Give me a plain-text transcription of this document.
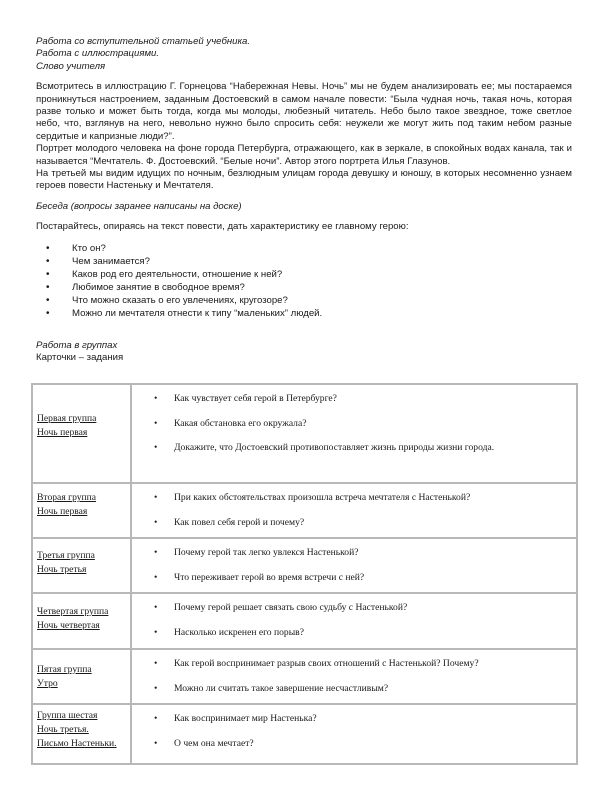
Работа со вступительной статьей учебника.
Работа с иллюстрациями.
Слово учителя

Всмотритесь в иллюстрацию Г. Горнецова “Набережная Невы. Ночь” мы не будем анализировать ее; мы постараемся проникнуться настроением, заданным Достоевский в самом начале повести: “Была чудная ночь, такая ночь, которая разве только и может быть тогда, когда мы молоды, любезный читатель. Небо было такое звездное, тоже светлое небо, что, взглянув на него, невольно нужно было спросить себя: неужели же могут жить под таким небом разные сердитые и капризные люди?”.

Портрет молодого человека на фоне города Петербурга, отражающего, как в зеркале, в спокойных водах канала, так и называется “Мечтатель. Ф. Достоевский. “Белые ночи”. Автор этого портрета Илья Глазунов.

На третьей мы видим идущих по ночным, безлюдным улицам города девушку и юношу, в которых несомненно узнаем героев повести Настеньку и Мечтателя.

Беседа (вопросы заранее написаны на доске)
Постарайтесь, опираясь на текст повести, дать характеристику ее главному герою:
• Кто он?
• Чем занимается?
• Каков род его деятельности, отношение к ней?
• Любимое занятие в свободное время?
• Что можно сказать о его увлечениях, кругозоре?
• Можно ли мечтателя отнести к типу “маленьких” людей.
Работа в группах
Карточки – задания
Первая группа
Ночь первая
• Как чувствует себя герой в Петербурге?
• Какая обстановка его окружала?
• Докажите, что Достоевский противопоставляет жизнь природы жизни города.
Вторая группа
Ночь первая
• При каких обстоятельствах произошла встреча мечтателя с Настенькой?
• Как повел себя герой и почему?
Третья группа
Ночь третья
• Почему герой так легко увлекся Настенькой?
• Что переживает герой во время встречи с ней?
Четвертая группа
Ночь четвертая
• Почему герой решает связать свою судьбу с Настенькой?
• Насколько искренен его порыв?
Пятая группа
Утро
• Как герой воспринимает разрыв своих отношений с Настенькой? Почему?
• Можно ли считать такое завершение несчастливым?
Группа шестая
Ночь третья.
Письмо Настеньки.
• Как воспринимает мир Настенька?
• О чем она мечтает?
